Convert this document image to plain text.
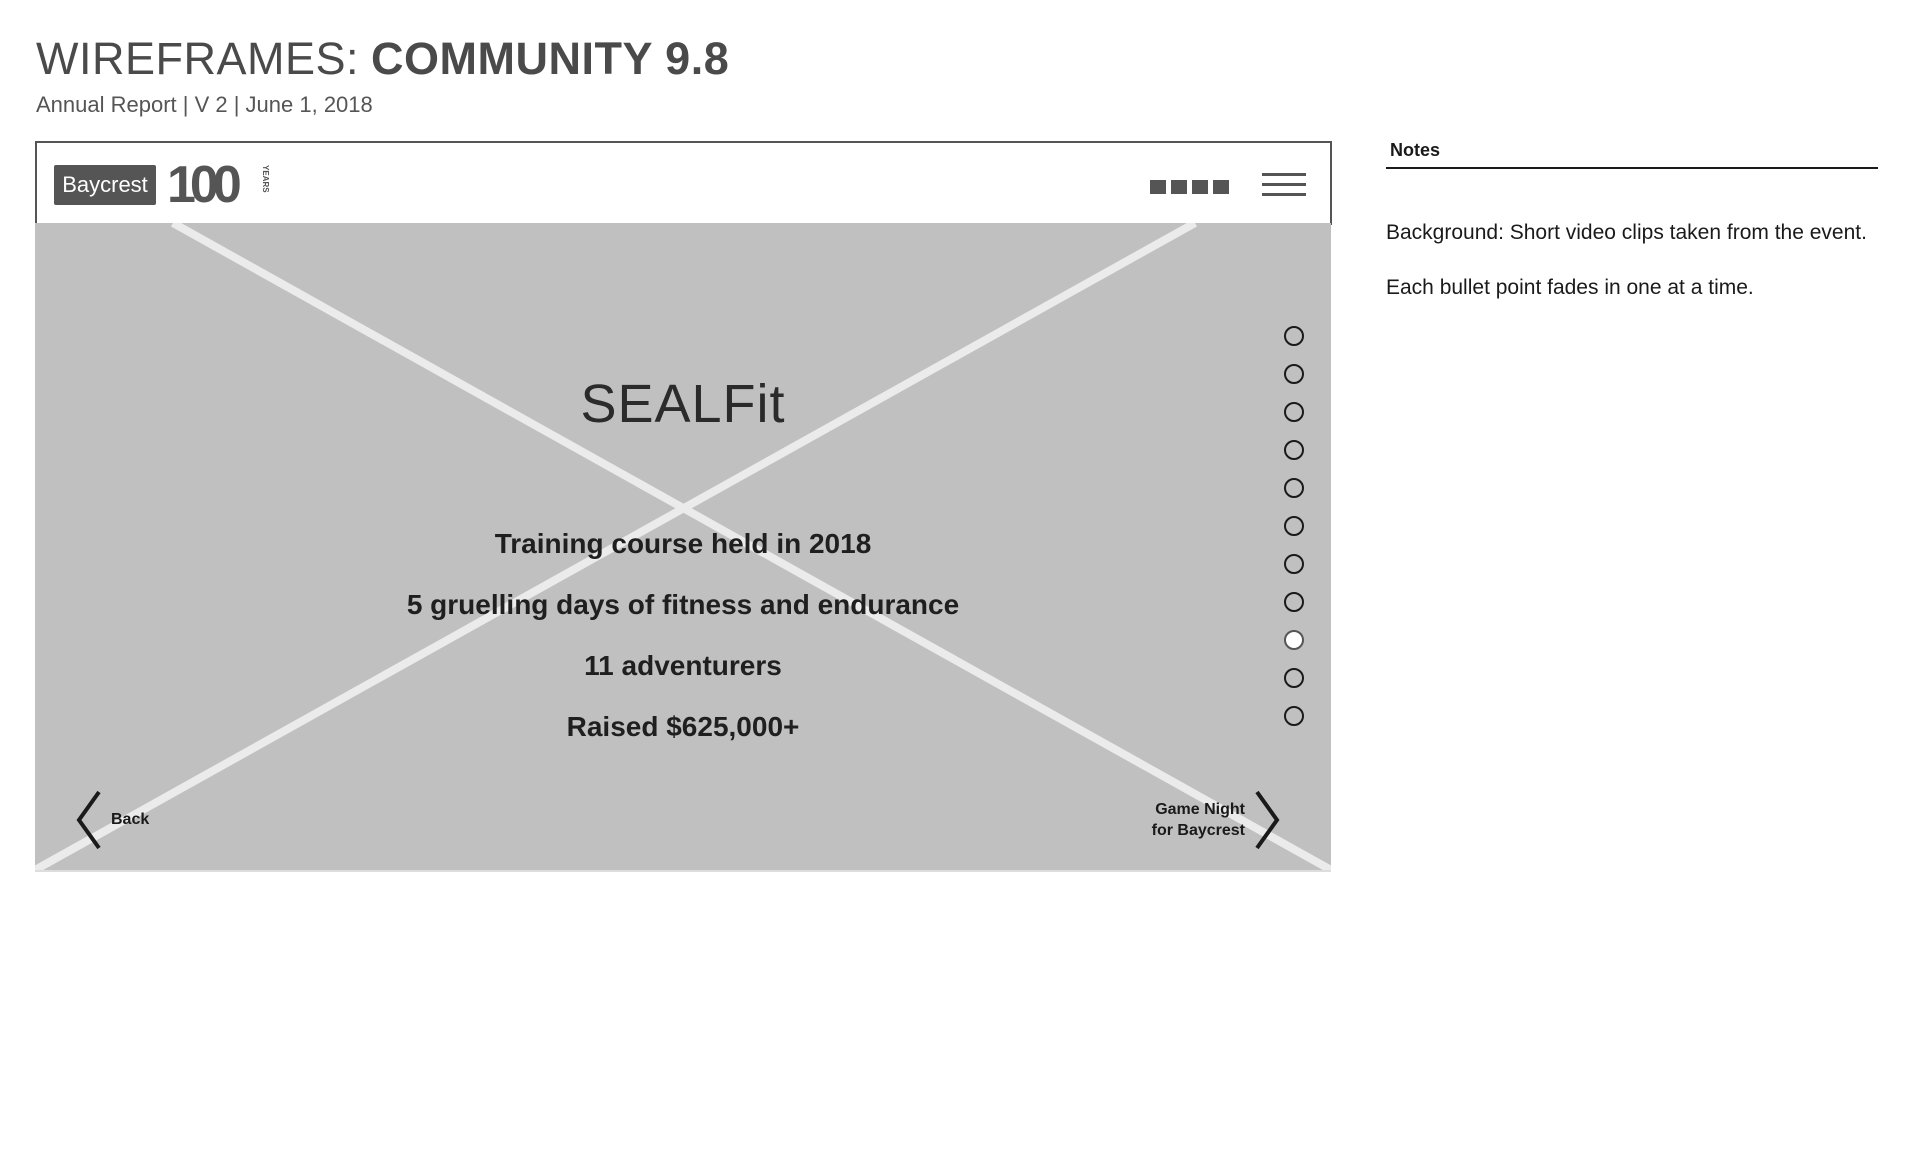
WIREFRAMES: COMMUNITY 9.8
Annual Report | V 2 | June 1, 2018
Baycrest 100	YEARS
SEALFit
Training course held in 2018
5 gruelling days of fitness and endurance
11 adventurers
Raised $625,000+
Back
Game Night
for Baycrest
Notes

Background: Short video clips taken from the event.

Each bullet point fades in one at a time.
